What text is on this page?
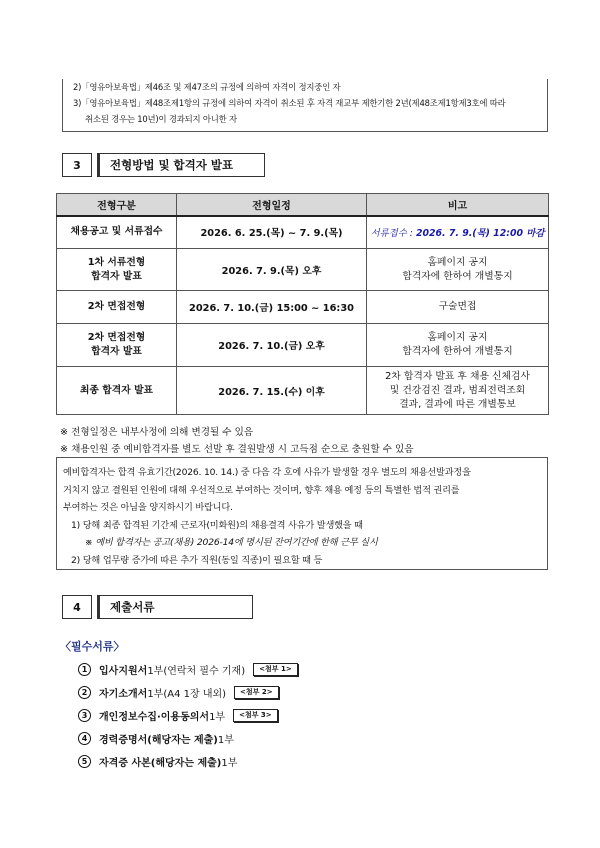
2)「영유아보육법」제46조 및 제47조의 규정에 의하여 자격이 정지중인 자
3)「영유아보육법」제48조제1항의 규정에 의하여 자격이 취소된 후 자격 재교부 제한기한 2년(제48조제1항제3호에 따라
취소된 경우는 10년)이 경과되지 아니한 자
3	전형방법 및 합격자 발표
전형구분	전형일정	비고

채용공고 및 서류접수	2026. 6. 25.(목) ~ 7. 9.(목)	서류접수 : 2026. 7. 9.(목) 12:00 마감

1차 서류전형
합격자 발표	2026. 7. 9.(목) 오후	홈페이지 공지
합격자에 한하여 개별통지

2차 면접전형	2026. 7. 10.(금) 15:00 ~ 16:30	구술면접

2차 면접전형
합격자 발표	2026. 7. 10.(금) 오후	홈페이지 공지
합격자에 한하여 개별통지

최종 합격자 발표	2026. 7. 15.(수) 이후	2차 합격자 발표 후 채용 신체검사
및 건강검진 결과, 범죄전력조회
결과, 결과에 따른 개별통보
※ 전형일정은 내부사정에 의해 변경될 수 있음
※ 채용인원 중 예비합격자를 별도 선발 후 결원발생 시 고득점 순으로 충원할 수 있음
예비합격자는 합격 유효기간(2026. 10. 14.) 중 다음 각 호에 사유가 발생할 경우 별도의 채용선발과정을
거치지 않고 결원된 인원에 대해 우선적으로 부여하는 것이며, 향후 채용 예정 등의 특별한 법적 권리를
부여하는 것은 아님을 양지하시기 바랍니다.
1) 당해 최종 합격된 기간제 근로자(미화원)의 채용결격 사유가 발생했을 때
※ 예비 합격자는 공고(채용) 2026-14에 명시된 잔여기간에 한해 근무 실시
2) 당해 업무량 증가에 따른 추가 직원(동일 직종)이 필요할 때 등
4	제출서류
〈필수서류〉
1	입사지원서 1부(연락처 필수 기재)	<첨부 1>
2	자기소개서 1부(A4 1장 내외)	<첨부 2>
3	개인정보수집·이용동의서 1부	<첨부 3>
4	경력증명서(해당자는 제출) 1부
5	자격증 사본(해당자는 제출) 1부
